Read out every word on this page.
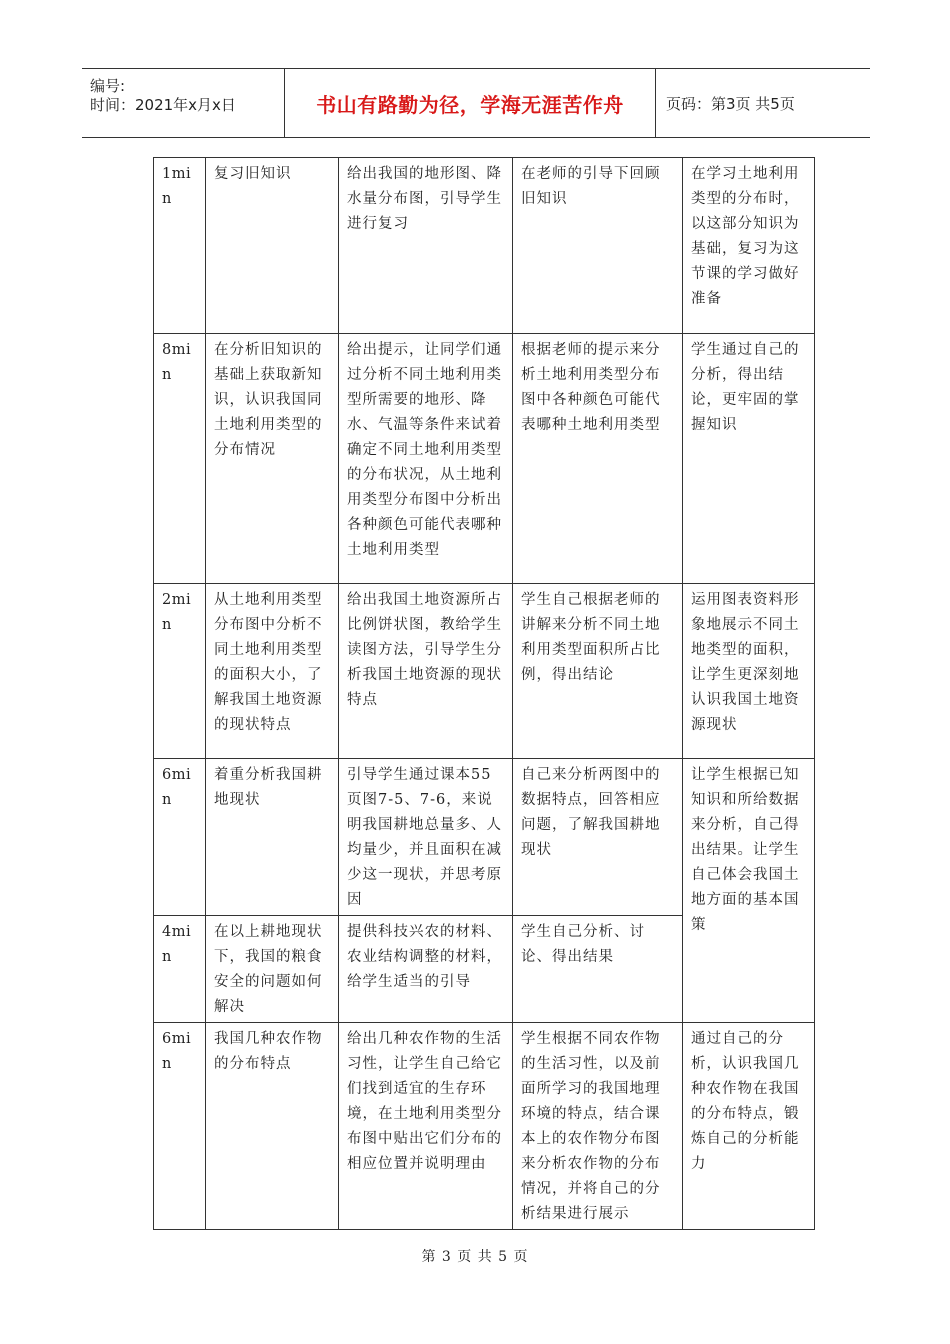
编号:
时间：2021年x月x日	书山有路勤为径，学海无涯苦作舟	页码：第3页 共5页
1min	复习旧知识	给出我国的地形图、降水量分布图，引导学生进行复习	在老师的引导下回顾旧知识	在学习土地利用类型的分布时，以这部分知识为基础，复习为这节课的学习做好准备
8min	在分析旧知识的基础上获取新知识，认识我国同土地利用类型的分布情况	给出提示，让同学们通过分析不同土地利用类型所需要的地形、降水、气温等条件来试着确定不同土地利用类型的分布状况，从土地利用类型分布图中分析出各种颜色可能代表哪种土地利用类型	根据老师的提示来分析土地利用类型分布图中各种颜色可能代表哪种土地利用类型	学生通过自己的分析，得出结论，更牢固的掌握知识
2min	从土地利用类型分布图中分析不同土地利用类型的面积大小，了解我国土地资源的现状特点	给出我国土地资源所占比例饼状图，教给学生读图方法，引导学生分析我国土地资源的现状特点	学生自己根据老师的讲解来分析不同土地利用类型面积所占比例，得出结论	运用图表资料形象地展示不同土地类型的面积，让学生更深刻地认识我国土地资源现状
6min	着重分析我国耕地现状	引导学生通过课本55页图7-5、7-6，来说明我国耕地总量多、人均量少，并且面积在减少这一现状，并思考原因	自己来分析两图中的数据特点，回答相应问题，了解我国耕地现状	让学生根据已知知识和所给数据来分析，自己得出结果。让学生自己体会我国土地方面的基本国策
4min	在以上耕地现状下，我国的粮食安全的问题如何解决	提供科技兴农的材料、农业结构调整的材料，给学生适当的引导	学生自己分析、讨论、得出结果	
6min	我国几种农作物的分布特点	给出几种农作物的生活习性，让学生自己给它们找到适宜的生存环境，在土地利用类型分布图中贴出它们分布的相应位置并说明理由	学生根据不同农作物的生活习性，以及前面所学习的我国地理环境的特点，结合课本上的农作物分布图来分析农作物的分布情况，并将自己的分析结果进行展示	通过自己的分析，认识我国几种农作物在我国的分布特点，锻炼自己的分析能力
第 3 页 共 5 页
